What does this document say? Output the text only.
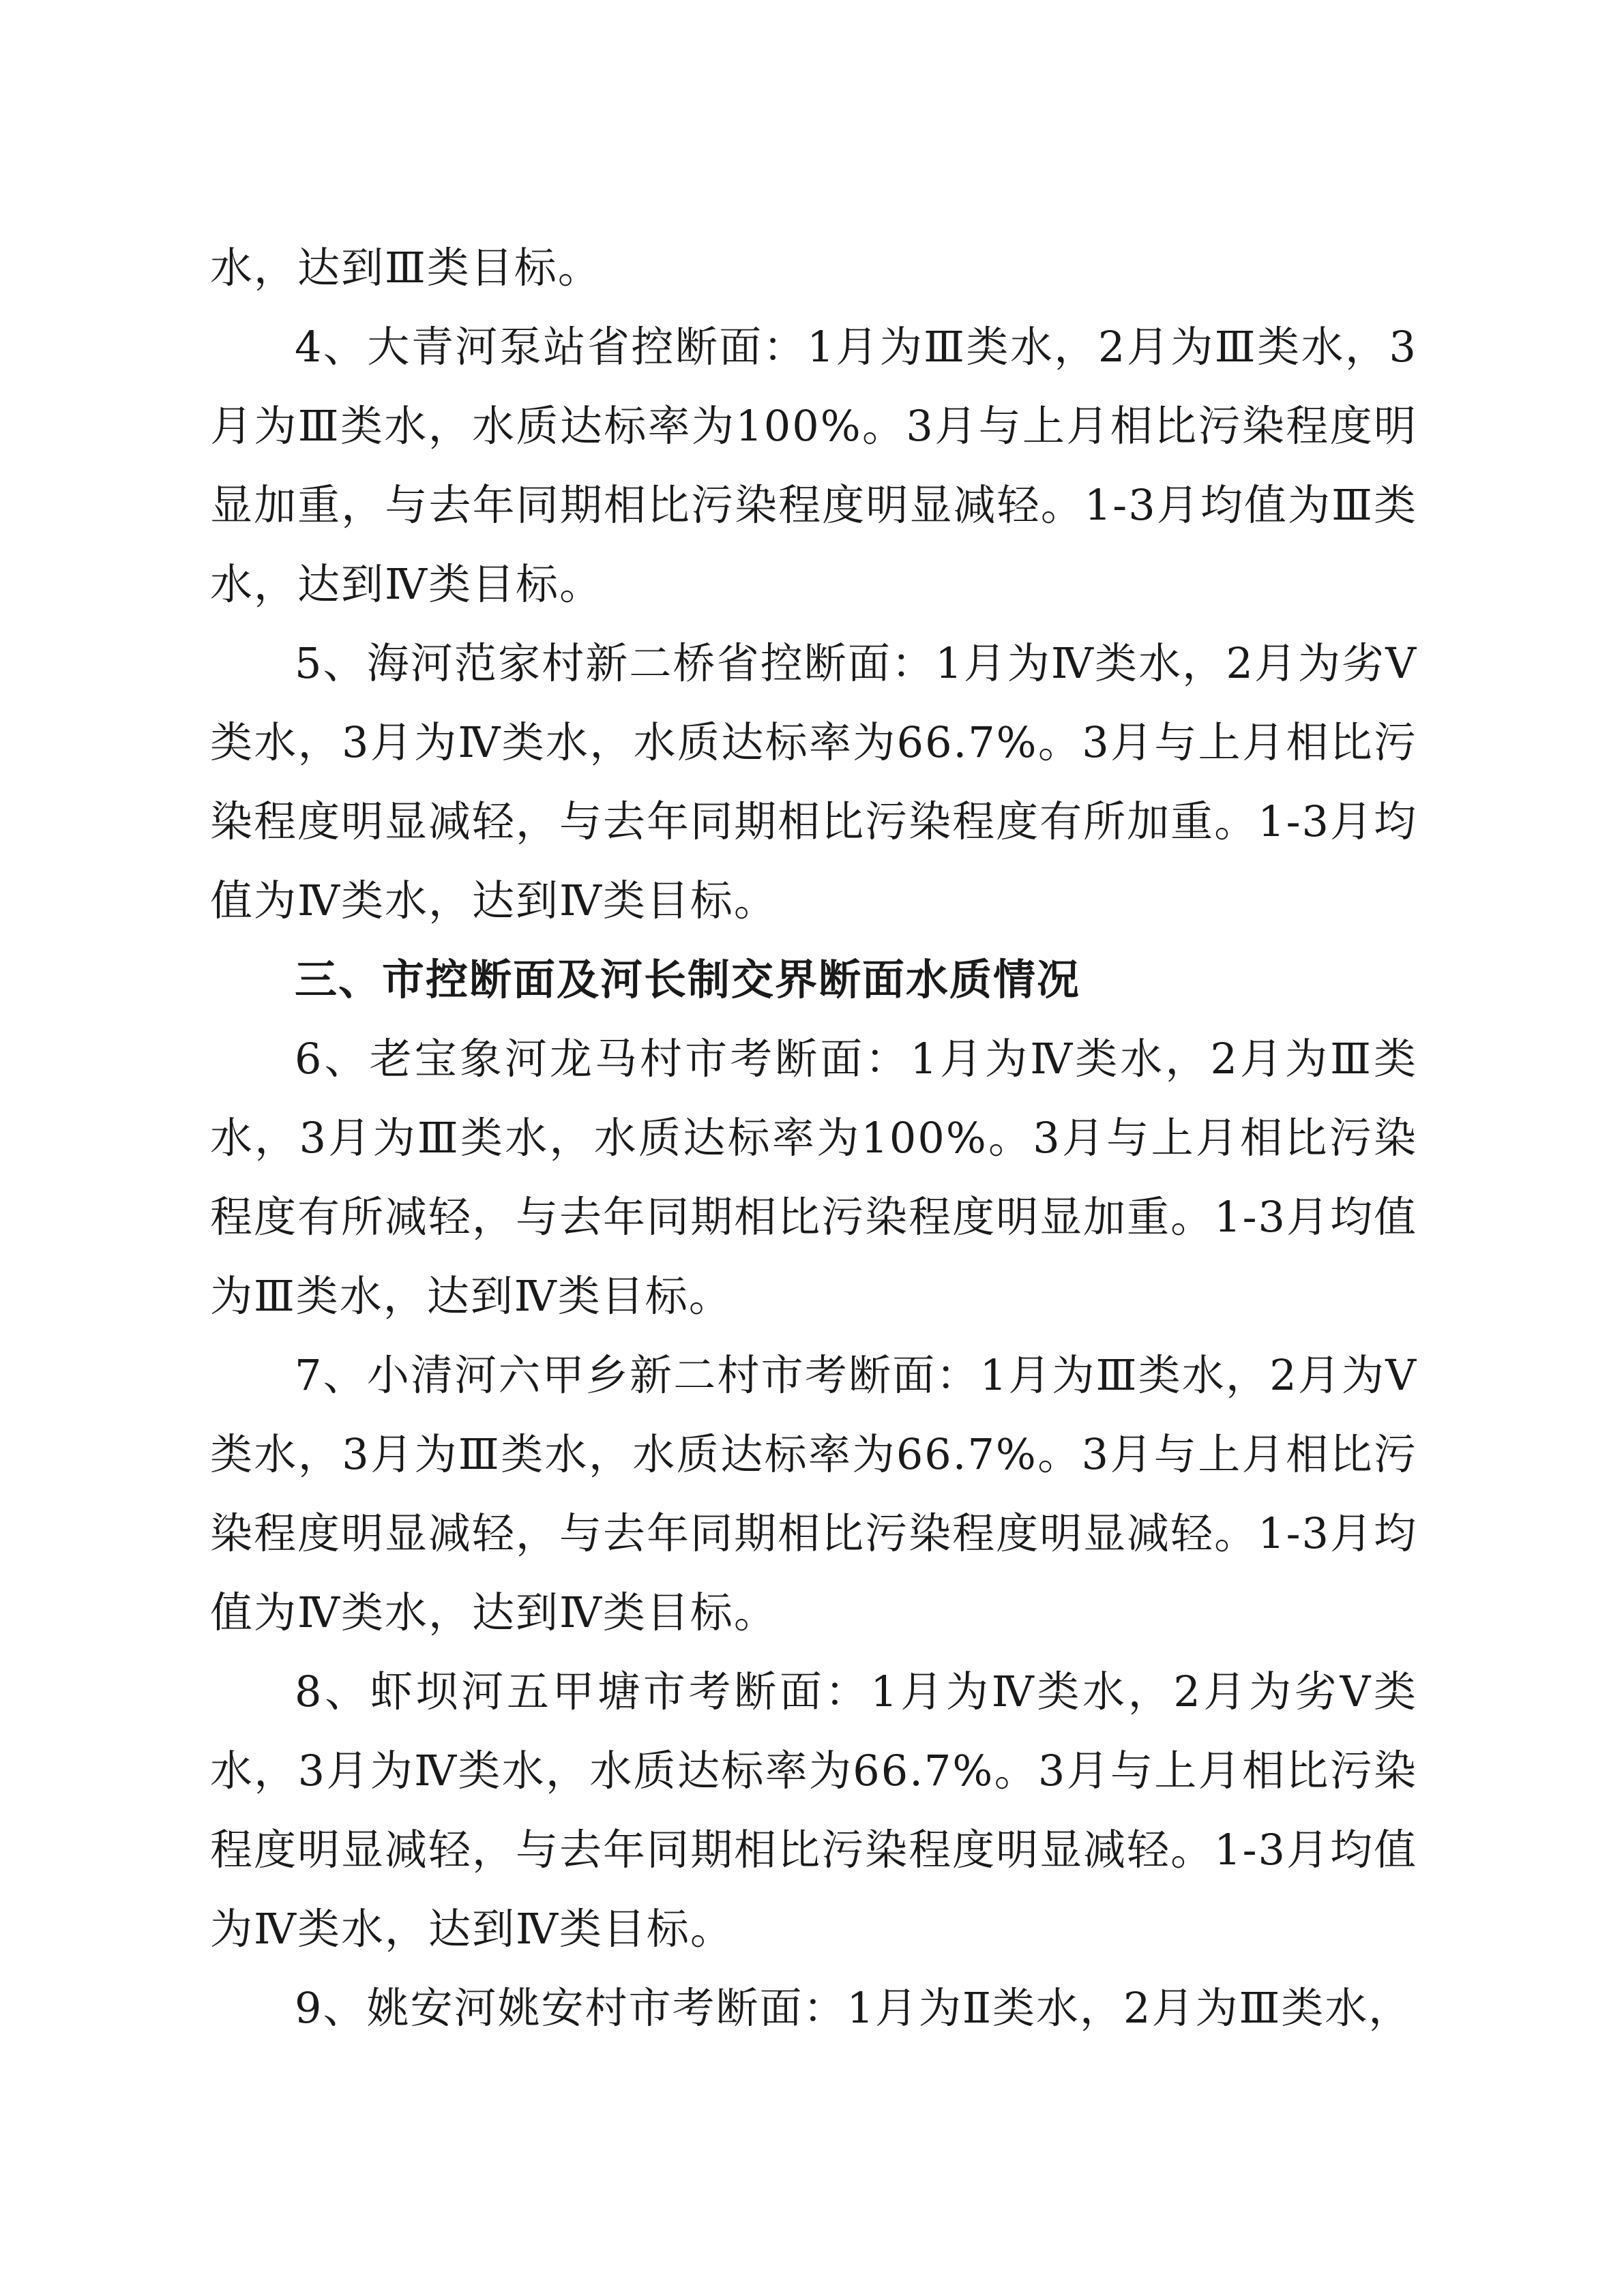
水，达到Ⅲ类目标。

4、大青河泵站省控断面：1月为Ⅲ类水，2月为Ⅲ类水，3月为Ⅲ类水，水质达标率为100%。3月与上月相比污染程度明显加重，与去年同期相比污染程度明显减轻。1-3月均值为Ⅲ类水，达到Ⅳ类目标。

5、海河范家村新二桥省控断面：1月为Ⅳ类水，2月为劣Ⅴ类水，3月为Ⅳ类水，水质达标率为66.7%。3月与上月相比污染程度明显减轻，与去年同期相比污染程度有所加重。1-3月均值为Ⅳ类水，达到Ⅳ类目标。

三、市控断面及河长制交界断面水质情况

6、老宝象河龙马村市考断面：1月为Ⅳ类水，2月为Ⅲ类水，3月为Ⅲ类水，水质达标率为100%。3月与上月相比污染程度有所减轻，与去年同期相比污染程度明显加重。1-3月均值为Ⅲ类水，达到Ⅳ类目标。

7、小清河六甲乡新二村市考断面：1月为Ⅲ类水，2月为Ⅴ类水，3月为Ⅲ类水，水质达标率为66.7%。3月与上月相比污染程度明显减轻，与去年同期相比污染程度明显减轻。1-3月均值为Ⅳ类水，达到Ⅳ类目标。

8、虾坝河五甲塘市考断面：1月为Ⅳ类水，2月为劣Ⅴ类水，3月为Ⅳ类水，水质达标率为66.7%。3月与上月相比污染程度明显减轻，与去年同期相比污染程度明显减轻。1-3月均值为Ⅳ类水，达到Ⅳ类目标。

9、姚安河姚安村市考断面：1月为Ⅱ类水，2月为Ⅲ类水，
